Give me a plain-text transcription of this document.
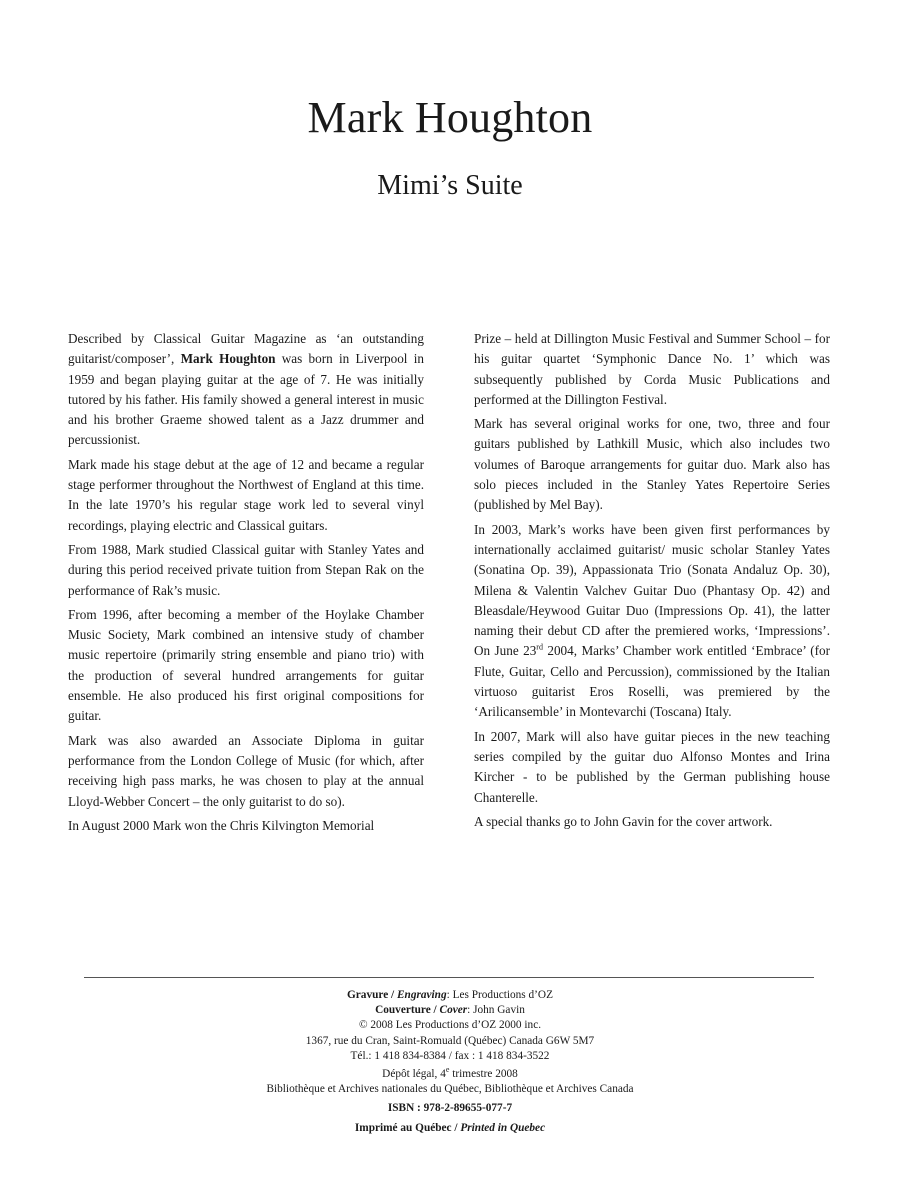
Mark Houghton
Mimi’s Suite

Described by Classical Guitar Magazine as ‘an outstanding guitarist/composer’, Mark Houghton was born in Liverpool in 1959 and began playing guitar at the age of 7. He was initially tutored by his father. His family showed a general interest in music and his brother Graeme showed talent as a Jazz drummer and percussionist.

Mark made his stage debut at the age of 12 and became a regular stage performer throughout the Northwest of England at this time. In the late 1970’s his regular stage work led to several vinyl recordings, playing electric and Classical guitars.

From 1988, Mark studied Classical guitar with Stanley Yates and during this period received private tuition from Stepan Rak on the performance of Rak’s music.

From 1996, after becoming a member of the Hoylake Chamber Music Society, Mark combined an intensive study of chamber music repertoire (primarily string ensemble and piano trio) with the production of several hundred arrangements for guitar ensemble. He also produced his first original compositions for guitar.

Mark was also awarded an Associate Diploma in guitar performance from the London College of Music (for which, after receiving high pass marks, he was chosen to play at the annual Lloyd-Webber Concert – the only guitarist to do so).

In August 2000 Mark won the Chris Kilvington Memorial

Prize – held at Dillington Music Festival and Summer School – for his guitar quartet ‘Symphonic Dance No. 1’ which was subsequently published by Corda Music Publications and performed at the Dillington Festival.

Mark has several original works for one, two, three and four guitars published by Lathkill Music, which also includes two volumes of Baroque arrangements for guitar duo. Mark also has solo pieces included in the Stanley Yates Repertoire Series (published by Mel Bay).

In 2003, Mark’s works have been given first performances by internationally acclaimed guitarist/ music scholar Stanley Yates (Sonatina Op. 39), Appassionata Trio (Sonata Andaluz Op. 30), Milena & Valentin Valchev Guitar Duo (Phantasy Op. 42) and Bleasdale/Heywood Guitar Duo (Impressions Op. 41), the latter naming their debut CD after the premiered works, ‘Impressions’. On June 23rd 2004, Marks’ Chamber work entitled ‘Embrace’ (for Flute, Guitar, Cello and Percussion), commissioned by the Italian virtuoso guitarist Eros Roselli, was premiered by the ‘Arilicansemble’ in Montevarchi (Toscana) Italy.

In 2007, Mark will also have guitar pieces in the new teaching series compiled by the guitar duo Alfonso Montes and Irina Kircher - to be published by the German publishing house Chanterelle.

A special thanks go to John Gavin for the cover artwork.

Gravure / Engraving: Les Productions d’OZ
Couverture / Cover: John Gavin
© 2008 Les Productions d’OZ 2000 inc.
1367, rue du Cran, Saint-Romuald (Québec) Canada G6W 5M7
Tél.: 1 418 834-8384 / fax : 1 418 834-3522
Dépôt légal, 4e trimestre 2008
Bibliothèque et Archives nationales du Québec, Bibliothèque et Archives Canada
ISBN : 978-2-89655-077-7
Imprimé au Québec / Printed in Quebec
